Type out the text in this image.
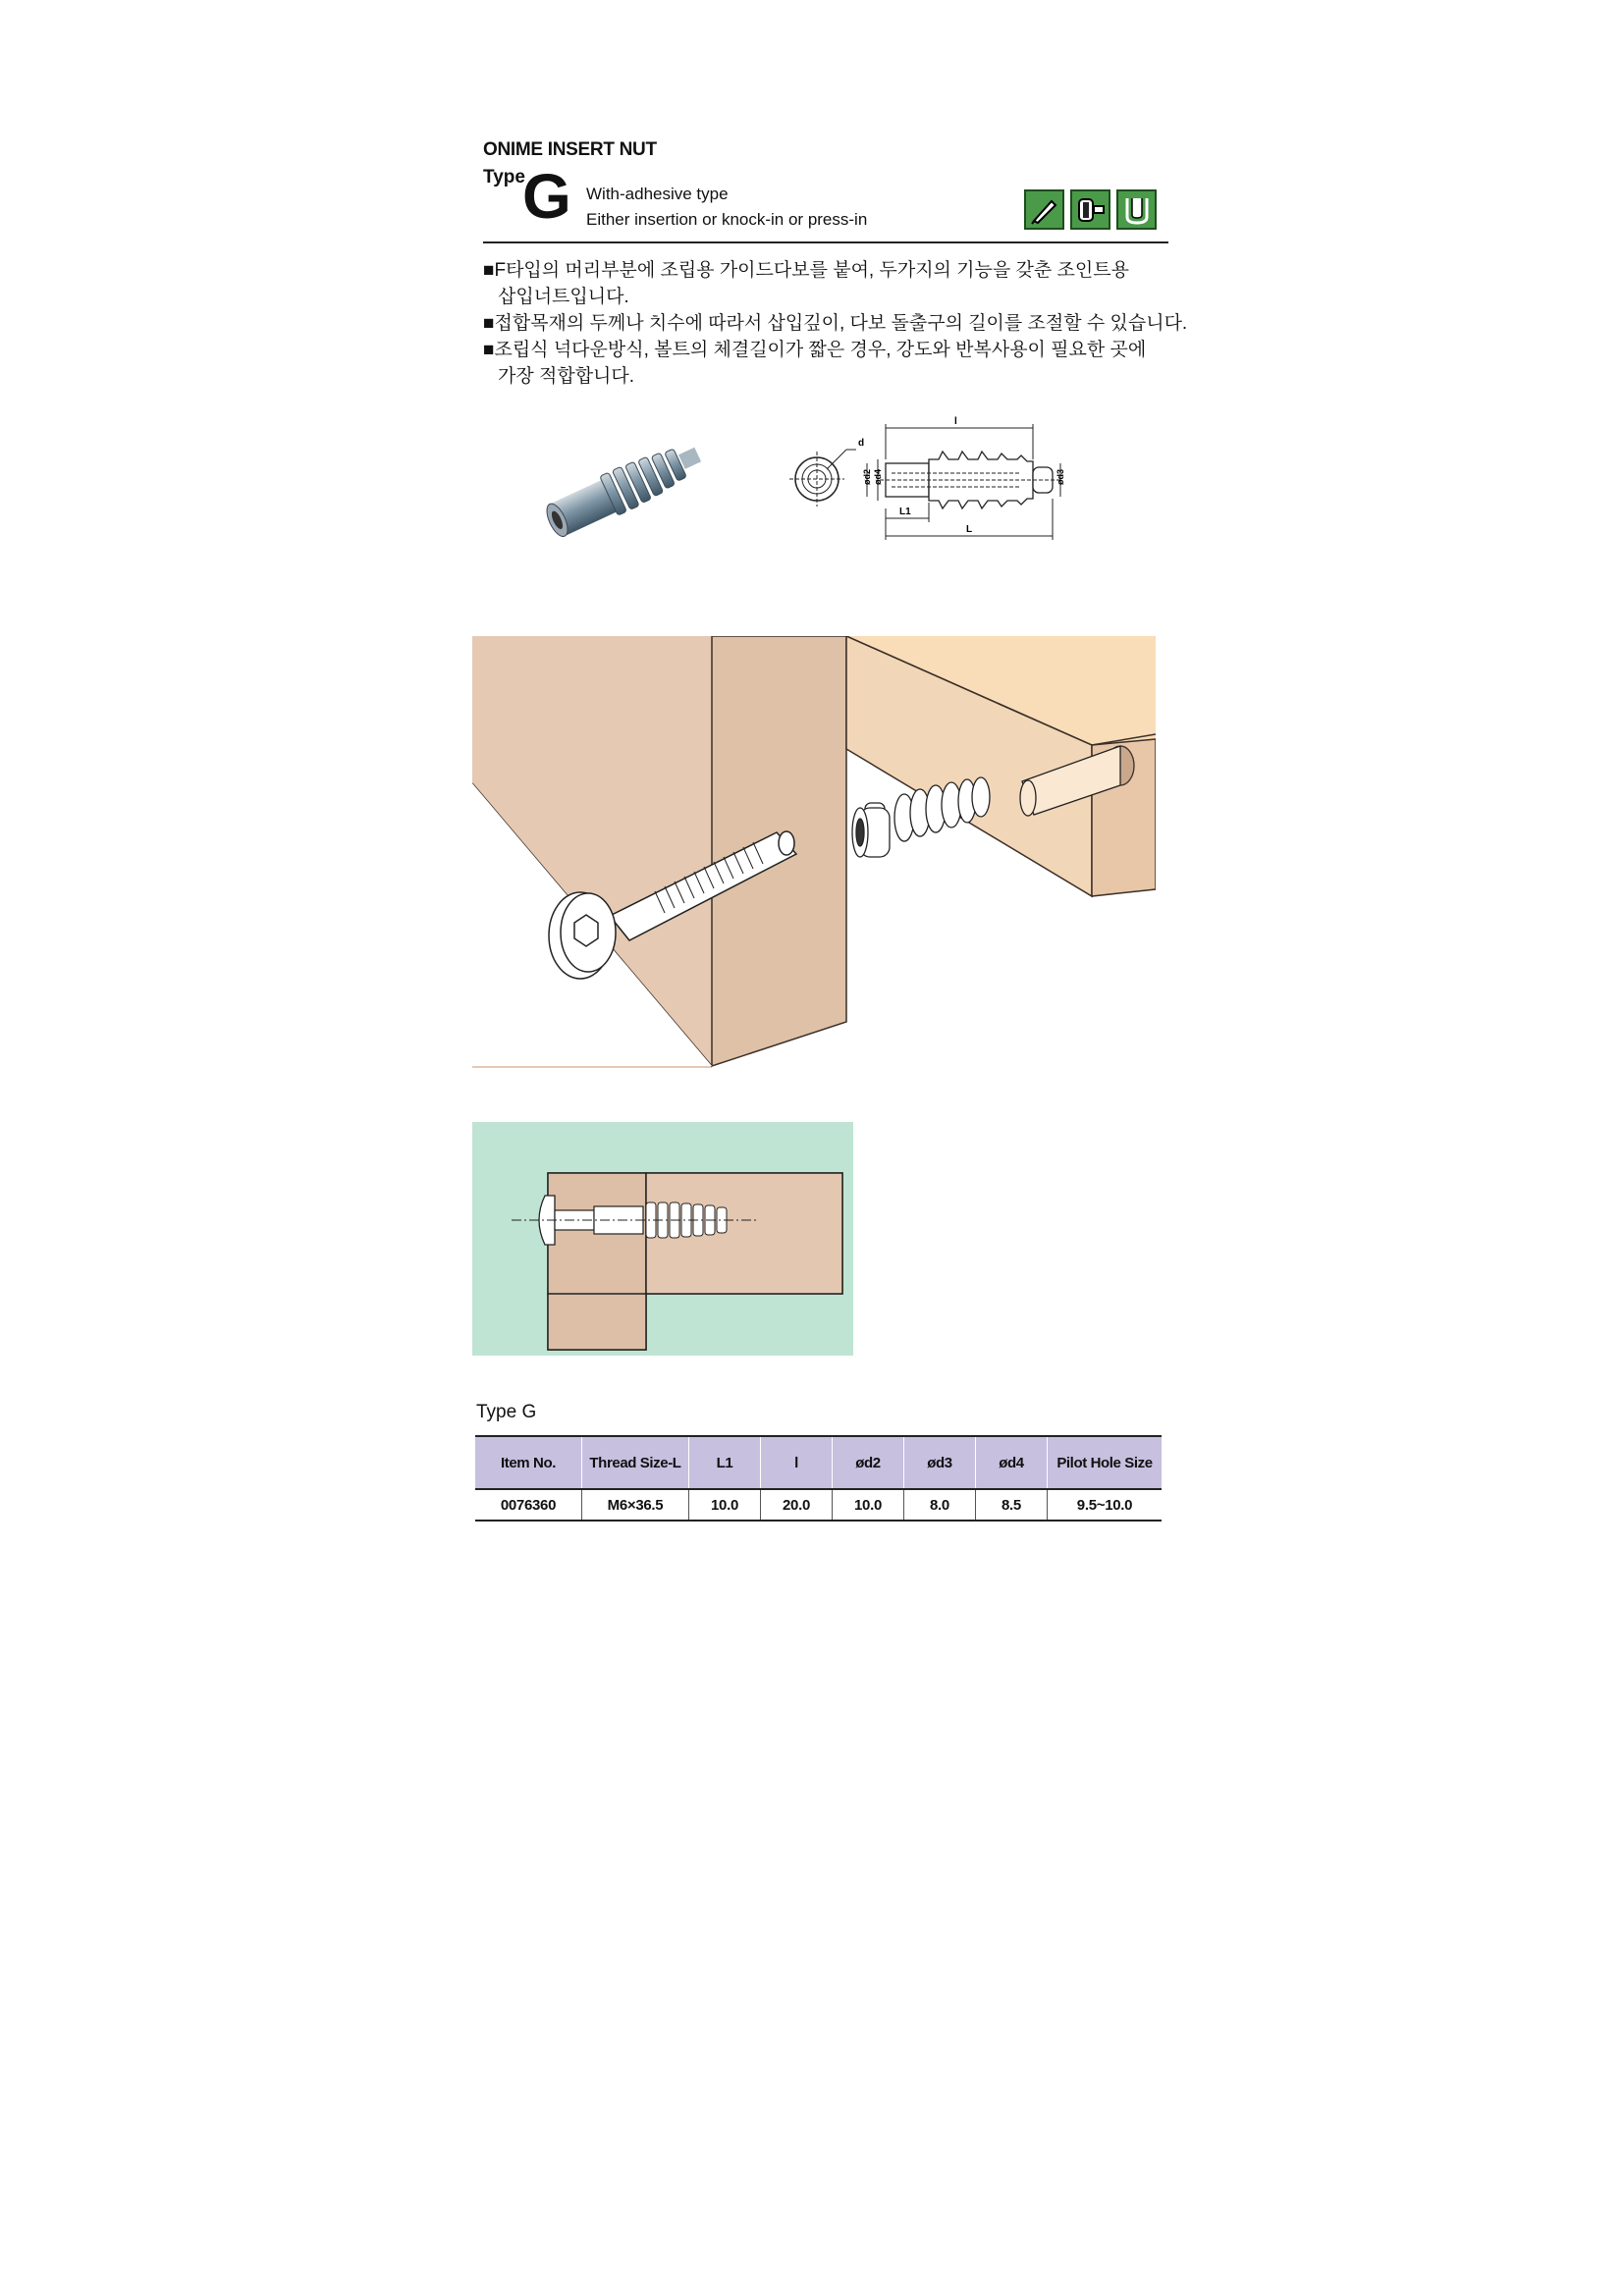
ONIME INSERT NUT
Type
G With-adhesive type
Either insertion or knock-in or press-in

■F타입의 머리부분에 조립용 가이드다보를 붙여, 두가지의 기능을 갖춘 조인트용

삽입너트입니다.

■접합목재의 두께나 치수에 따라서 삽입깊이, 다보 돌출구의 길이를 조절할 수 있습니다.

■조립식 넉다운방식, 볼트의 체결길이가 짧은 경우, 강도와 반복사용이 필요한 곳에

가장 적합합니다.

d
ød2 ød4	ød3
l
L1
L
Type G
Item No.	Thread Size-L	L1	l	ød2	ød3	ød4	Pilot Hole Size
0076360	M6×36.5	10.0	20.0	10.0	8.0	8.5	9.5~10.0
